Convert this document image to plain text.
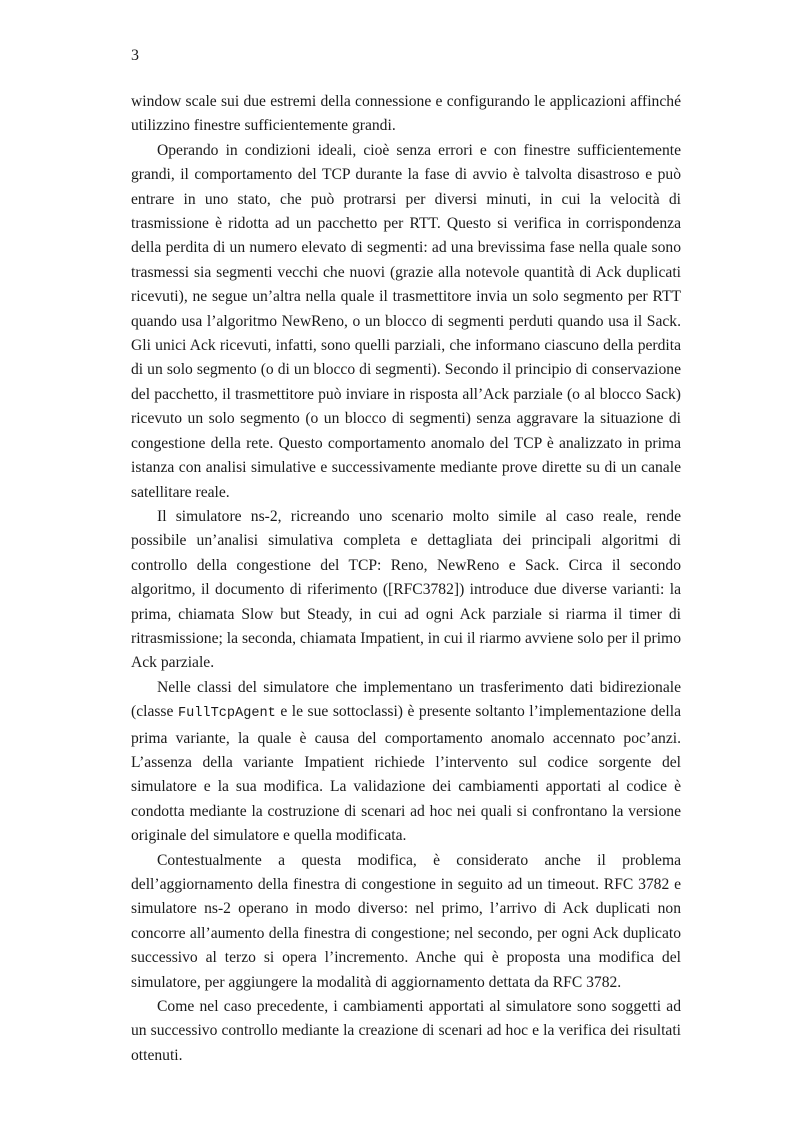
3

window scale sui due estremi della connessione e configurando le applicazioni affinché utilizzino finestre sufficientemente grandi.

Operando in condizioni ideali, cioè senza errori e con finestre sufficientemente grandi, il comportamento del TCP durante la fase di avvio è talvolta disastroso e può entrare in uno stato, che può protrarsi per diversi minuti, in cui la velocità di trasmissione è ridotta ad un pacchetto per RTT. Questo si verifica in corrispondenza della perdita di un numero elevato di segmenti: ad una brevissima fase nella quale sono trasmessi sia segmenti vecchi che nuovi (grazie alla notevole quantità di Ack duplicati ricevuti), ne segue un’altra nella quale il trasmettitore invia un solo segmento per RTT quando usa l’algoritmo NewReno, o un blocco di segmenti perduti quando usa il Sack. Gli unici Ack ricevuti, infatti, sono quelli parziali, che informano ciascuno della perdita di un solo segmento (o di un blocco di segmenti). Secondo il principio di conservazione del pacchetto, il trasmettitore può inviare in risposta all’Ack parziale (o al blocco Sack) ricevuto un solo segmento (o un blocco di segmenti) senza aggravare la situazione di congestione della rete. Questo comportamento anomalo del TCP è analizzato in prima istanza con analisi simulative e successivamente mediante prove dirette su di un canale satellitare reale.

Il simulatore ns-2, ricreando uno scenario molto simile al caso reale, rende possibile un’analisi simulativa completa e dettagliata dei principali algoritmi di controllo della congestione del TCP: Reno, NewReno e Sack. Circa il secondo algoritmo, il documento di riferimento ([RFC3782]) introduce due diverse varianti: la prima, chiamata Slow but Steady, in cui ad ogni Ack parziale si riarma il timer di ritrasmissione; la seconda, chiamata Impatient, in cui il riarmo avviene solo per il primo Ack parziale.

Nelle classi del simulatore che implementano un trasferimento dati bidirezionale (classe FullTcpAgent e le sue sottoclassi) è presente soltanto l’implementazione della prima variante, la quale è causa del comportamento anomalo accennato poc’anzi. L’assenza della variante Impatient richiede l’intervento sul codice sorgente del simulatore e la sua modifica. La validazione dei cambiamenti apportati al codice è condotta mediante la costruzione di scenari ad hoc nei quali si confrontano la versione originale del simulatore e quella modificata.

Contestualmente a questa modifica, è considerato anche il problema dell’aggiornamento della finestra di congestione in seguito ad un timeout. RFC 3782 e simulatore ns-2 operano in modo diverso: nel primo, l’arrivo di Ack duplicati non concorre all’aumento della finestra di congestione; nel secondo, per ogni Ack duplicato successivo al terzo si opera l’incremento. Anche qui è proposta una modifica del simulatore, per aggiungere la modalità di aggiornamento dettata da RFC 3782.

Come nel caso precedente, i cambiamenti apportati al simulatore sono soggetti ad un successivo controllo mediante la creazione di scenari ad hoc e la verifica dei risultati ottenuti.
